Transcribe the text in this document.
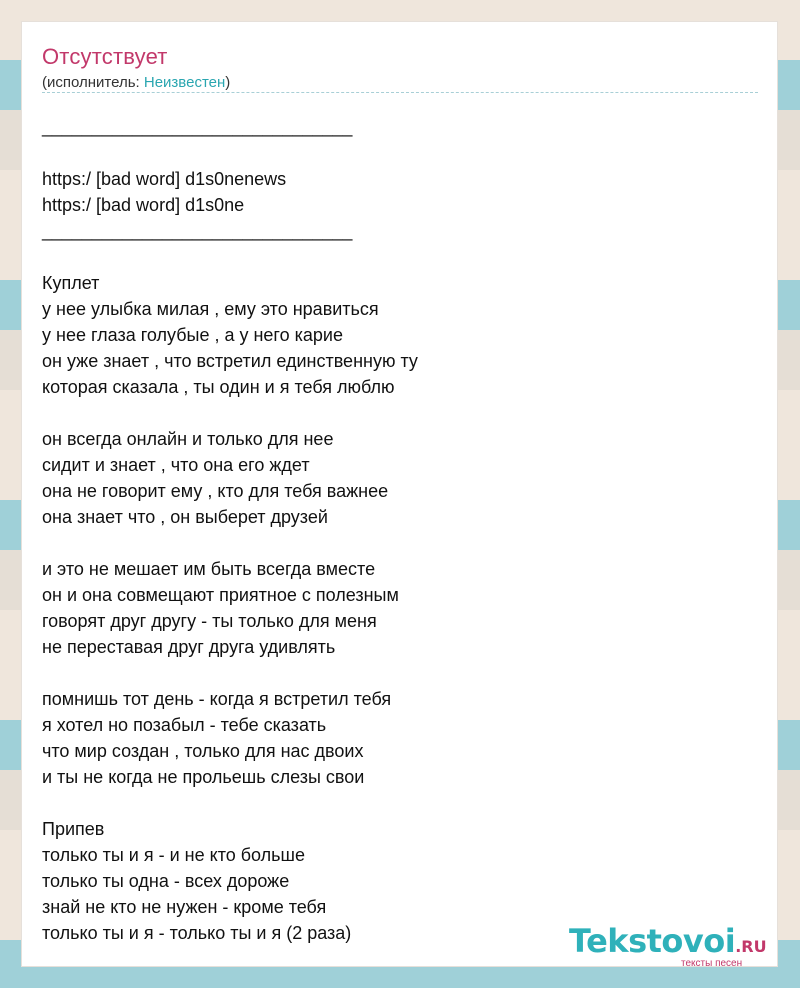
Отсутствует
(исполнитель: Неизвестен)
_______________________________
https:/ [bad word] d1s0nenews
https:/ [bad word] d1s0ne
_______________________________
Куплет
у нее улыбка милая , ему это нравиться
у нее глаза голубые , а у него карие
он уже знает , что встретил единственную ту
которая сказала , ты один и я тебя люблю
он всегда онлайн и только для нее
сидит и знает , что она его ждет
она не говорит ему , кто для тебя важнее
она знает что , он выберет друзей
и это не мешает им быть всегда вместе
он и она совмещают приятное с полезным
говорят друг другу - ты только для меня
не переставая друг друга удивлять
помнишь тот день - когда я встретил тебя
я хотел но позабыл - тебе сказать
что мир создан , только для нас двоих
и ты не когда не прольешь слезы свои
Припев
только ты и я - и не кто больше
только ты одна - всех дороже
знай не кто не нужен - кроме тебя
только ты и я - только ты и я (2 раза)	Tekstovoi.RU
тексты песен
